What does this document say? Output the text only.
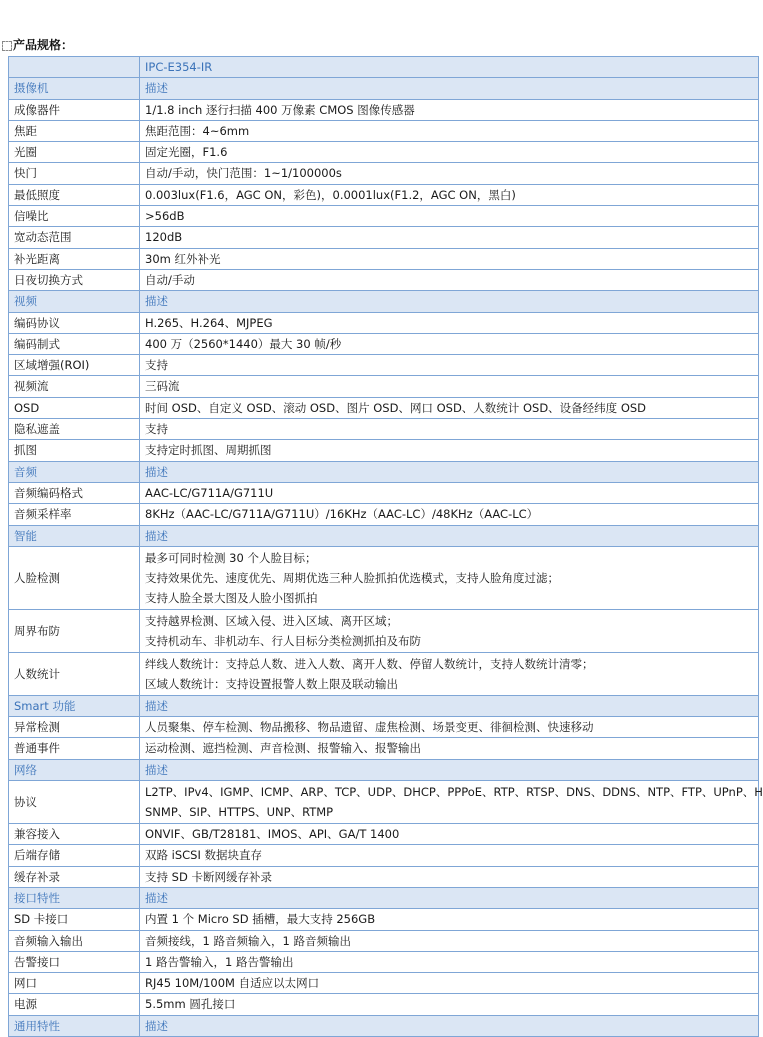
产品规格：
	IPC-E354-IR
摄像机	描述
成像器件	1/1.8 inch 逐行扫描 400 万像素 CMOS 图像传感器
焦距	焦距范围：4~6mm
光圈	固定光圈，F1.6
快门	自动/手动，快门范围：1~1/100000s
最低照度	0.003lux(F1.6，AGC ON，彩色)，0.0001lux(F1.2，AGC ON，黑白)
信噪比	>56dB
宽动态范围	120dB
补光距离	30m 红外补光
日夜切换方式	自动/手动
视频	描述
编码协议	H.265、H.264、MJPEG
编码制式	400 万（2560*1440）最大 30 帧/秒
区域增强(ROI)	支持
视频流	三码流
OSD	时间 OSD、自定义 OSD、滚动 OSD、图片 OSD、网口 OSD、人数统计 OSD、设备经纬度 OSD
隐私遮盖	支持
抓图	支持定时抓图、周期抓图
音频	描述
音频编码格式	AAC-LC/G711A/G711U
音频采样率	8KHz（AAC-LC/G711A/G711U）/16KHz（AAC-LC）/48KHz（AAC-LC）
智能	描述
人脸检测	最多可同时检测 30 个人脸目标；
支持效果优先、速度优先、周期优选三种人脸抓拍优选模式，支持人脸角度过滤；
支持人脸全景大图及人脸小图抓拍

周界布防	支持越界检测、区域入侵、进入区域、离开区域；
支持机动车、非机动车、行人目标分类检测抓拍及布防

人数统计	绊线人数统计：支持总人数、进入人数、离开人数、停留人数统计，支持人数统计清零；
区域人数统计：支持设置报警人数上限及联动输出

Smart 功能	描述
异常检测	人员聚集、停车检测、物品搬移、物品遗留、虚焦检测、场景变更、徘徊检测、快速移动
普通事件	运动检测、遮挡检测、声音检测、报警输入、报警输出
网络	描述
协议	L2TP、IPv4、IGMP、ICMP、ARP、TCP、UDP、DHCP、PPPoE、RTP、RTSP、DNS、DDNS、NTP、FTP、UPnP、H
SNMP、SIP、HTTPS、UNP、RTMP

兼容接入	ONVIF、GB/T28181、IMOS、API、GA/T 1400
后端存储	双路 iSCSI 数据块直存
缓存补录	支持 SD 卡断网缓存补录
接口特性	描述
SD 卡接口	内置 1 个 Micro SD 插槽，最大支持 256GB
音频输入输出	音频接线，1 路音频输入，1 路音频输出
告警接口	1 路告警输入，1 路告警输出
网口	RJ45 10M/100M 自适应以太网口
电源	5.5mm 圆孔接口
通用特性	描述
